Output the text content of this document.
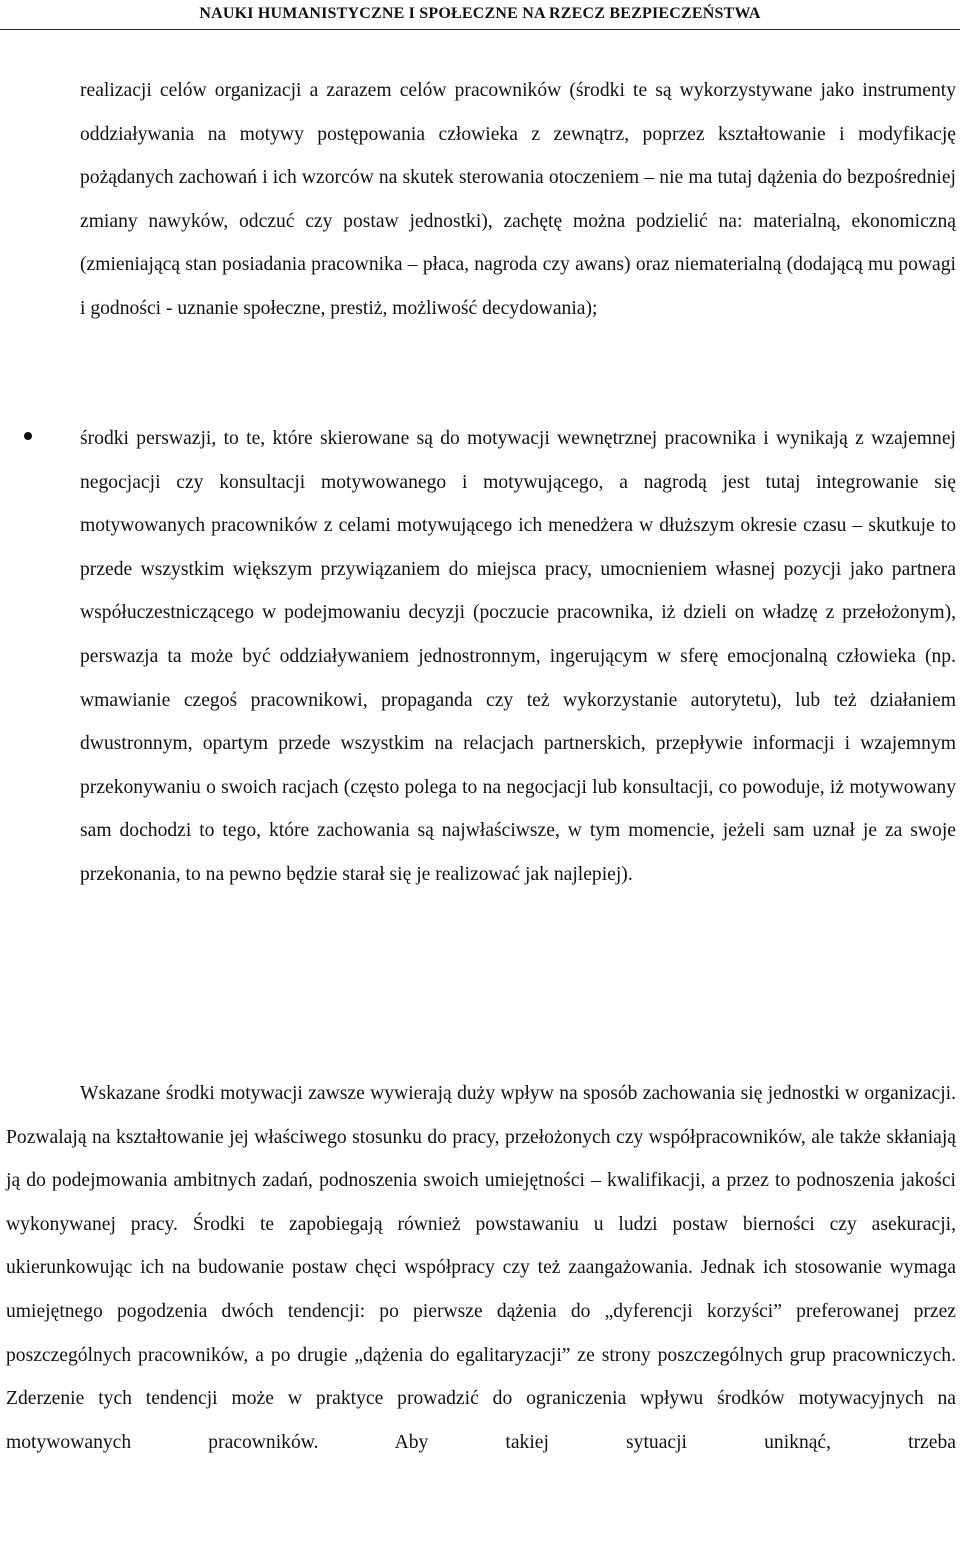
NAUKI HUMANISTYCZNE I SPOŁECZNE NA RZECZ BEZPIECZEŃSTWA

realizacji celów organizacji a zarazem celów pracowników (środki te są wykorzystywane jako instrumenty oddziaływania na motywy postępowania człowieka z zewnątrz, poprzez kształtowanie i modyfikację pożądanych zachowań i ich wzorców na skutek sterowania otoczeniem – nie ma tutaj dążenia do bezpośredniej zmiany nawyków, odczuć czy postaw jednostki), zachętę można podzielić na: materialną, ekonomiczną (zmieniającą stan posiadania pracownika – płaca, nagroda czy awans) oraz niematerialną (dodającą mu powagi i godności - uznanie społeczne, prestiż, możliwość decydowania);

środki perswazji, to te, które skierowane są do motywacji wewnętrznej pracownika i wynikają z wzajemnej negocjacji czy konsultacji motywowanego i motywującego, a nagrodą jest tutaj integrowanie się motywowanych pracowników z celami motywującego ich menedżera w dłuższym okresie czasu – skutkuje to przede wszystkim większym przywiązaniem do miejsca pracy, umocnieniem własnej pozycji jako partnera współuczestniczącego w podejmowaniu decyzji (poczucie pracownika, iż dzieli on władzę z przełożonym), perswazja ta może być oddziaływaniem jednostronnym, ingerującym w sferę emocjonalną człowieka (np. wmawianie czegoś pracownikowi, propaganda czy też wykorzystanie autorytetu), lub też działaniem dwustronnym, opartym przede wszystkim na relacjach partnerskich, przepływie informacji i wzajemnym przekonywaniu o swoich racjach (często polega to na negocjacji lub konsultacji, co powoduje, iż motywowany sam dochodzi to tego, które zachowania są najwłaściwsze, w tym momencie, jeżeli sam uznał je za swoje przekonania, to na pewno będzie starał się je realizować jak najlepiej).

Wskazane środki motywacji zawsze wywierają duży wpływ na sposób zachowania się jednostki w organizacji. Pozwalają na kształtowanie jej właściwego stosunku do pracy, przełożonych czy współpracowników, ale także skłaniają ją do podejmowania ambitnych zadań, podnoszenia swoich umiejętności – kwalifikacji, a przez to podnoszenia jakości wykonywanej pracy. Środki te zapobiegają również powstawaniu u ludzi postaw bierności czy asekuracji, ukierunkowując ich na budowanie postaw chęci współpracy czy też zaangażowania. Jednak ich stosowanie wymaga umiejętnego pogodzenia dwóch tendencji: po pierwsze dążenia do „dyferencji korzyści” preferowanej przez poszczególnych pracowników, a po drugie „dążenia do egalitaryzacji” ze strony poszczególnych grup pracowniczych. Zderzenie tych tendencji może w praktyce prowadzić do ograniczenia wpływu środków motywacyjnych na motywowanych pracowników. Aby takiej sytuacji uniknąć, trzeba
